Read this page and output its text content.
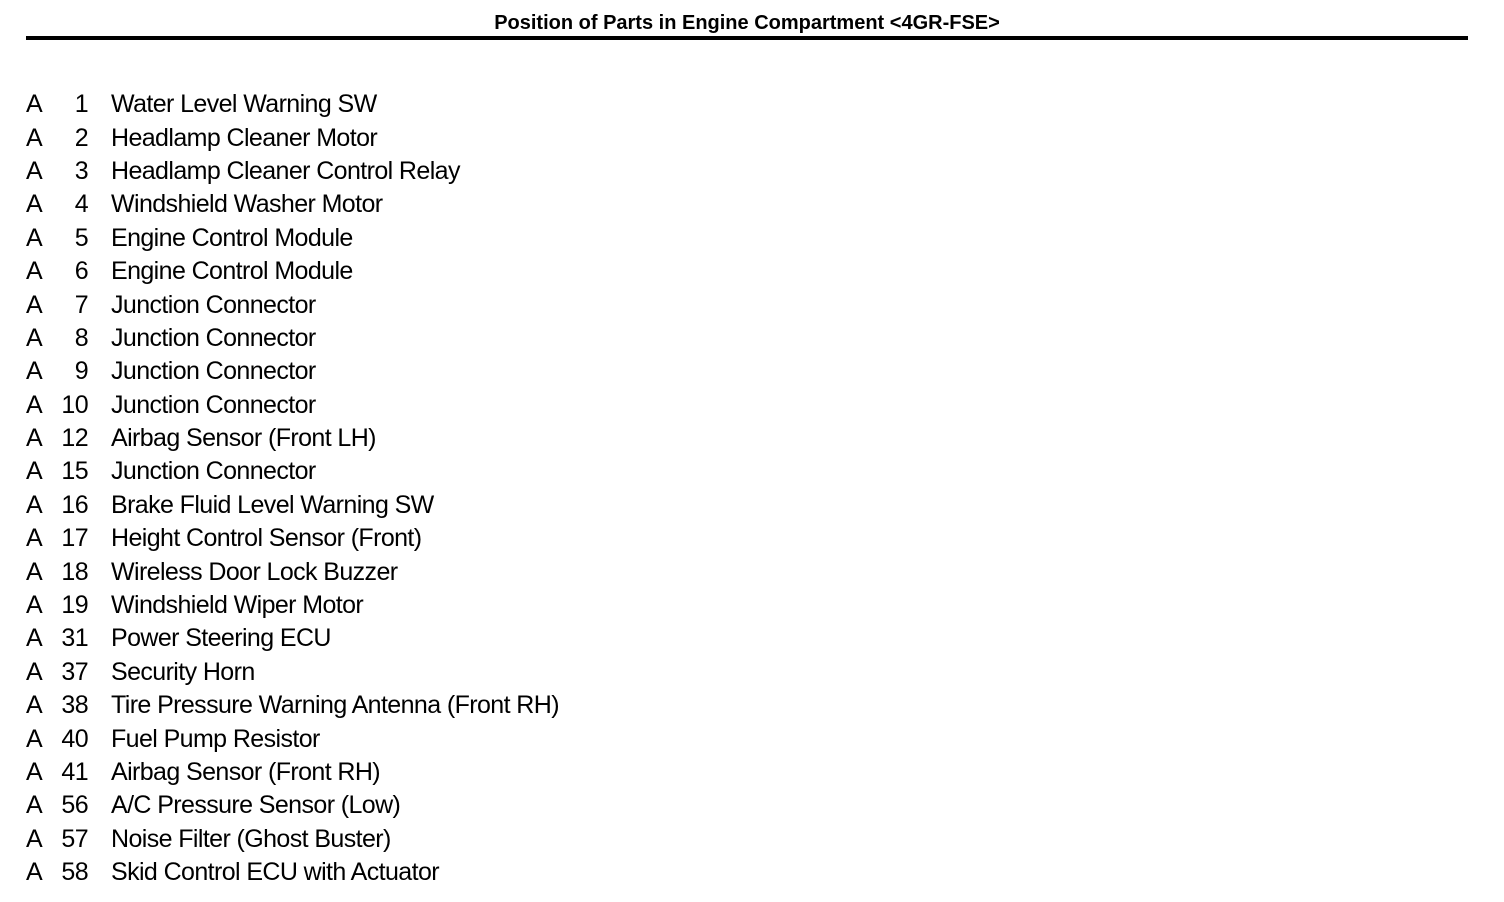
Position of Parts in Engine Compartment <4GR-FSE>
A	1 Water Level Warning SW
A	2 Headlamp Cleaner Motor
A	3 Headlamp Cleaner Control Relay
A	4 Windshield Washer Motor
A	5 Engine Control Module
A	6 Engine Control Module
A	7 Junction Connector
A	8 Junction Connector
A	9 Junction Connector
A 10 Junction Connector
A 12 Airbag Sensor (Front LH)
A 15 Junction Connector
A 16 Brake Fluid Level Warning SW
A 17 Height Control Sensor (Front)
A 18 Wireless Door Lock Buzzer
A 19 Windshield Wiper Motor
A 31 Power Steering ECU
A 37 Security Horn
A 38 Tire Pressure Warning Antenna (Front RH)
A 40 Fuel Pump Resistor
A 41 Airbag Sensor (Front RH)
A 56 A/C Pressure Sensor (Low)
A 57 Noise Filter (Ghost Buster)
A 58 Skid Control ECU with Actuator
